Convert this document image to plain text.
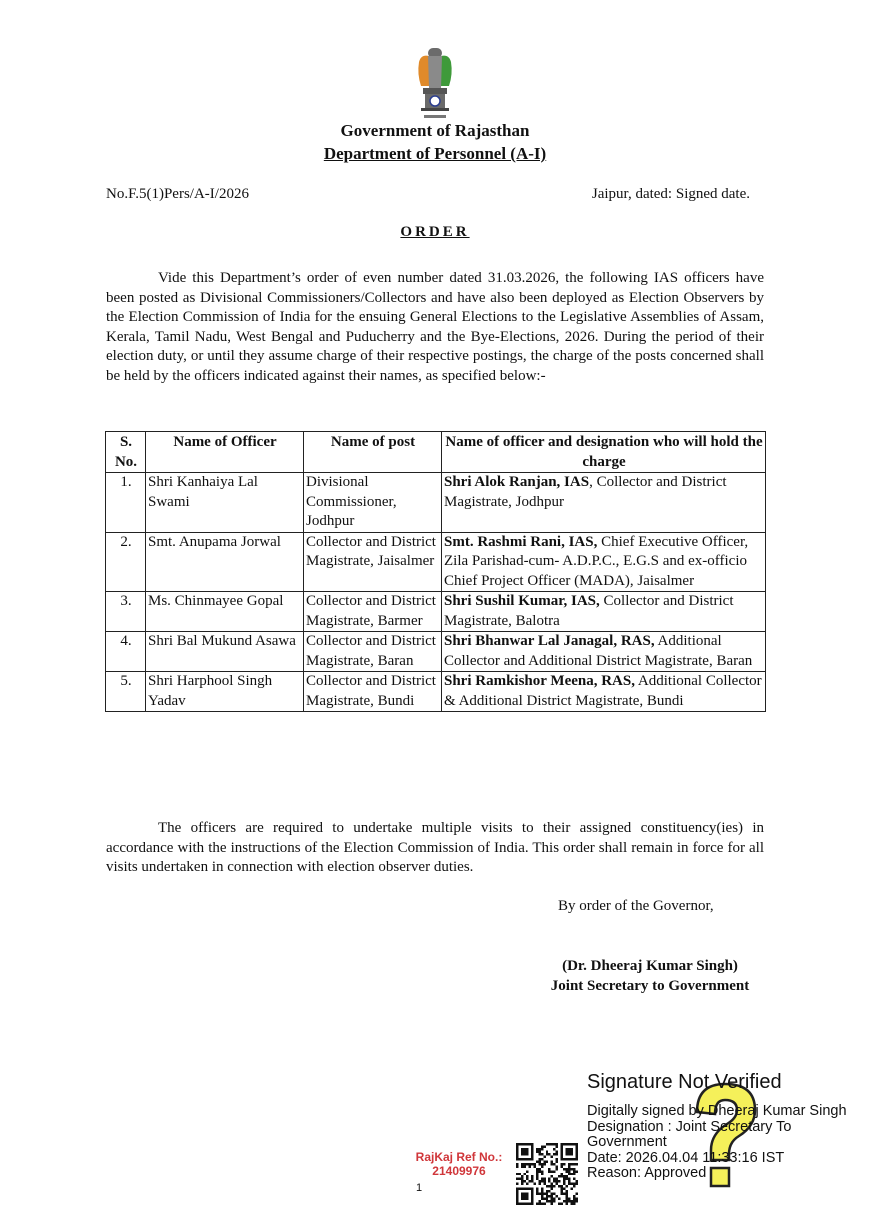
Government of Rajasthan
Department of Personnel (A-I)
No.F.5(1)Pers/A-I/2026	Jaipur, dated: Signed date.
ORDER

Vide this Department’s order of even number dated 31.03.2026, the following IAS officers have been posted as Divisional Commissioners/Collectors and have also been deployed as Election Observers by the Election Commission of India for the ensuing General Elections to the Legislative Assemblies of Assam, Kerala, Tamil Nadu, West Bengal and Puducherry and the Bye-Elections, 2026. During the period of their election duty, or until they assume charge of their respective postings, the charge of the posts concerned shall be held by the officers indicated against their names, as specified below:-

S. No.	Name of Officer	Name of post	Name of officer and designation who will hold the charge
1.	Shri Kanhaiya Lal Swami	Divisional Commissioner, Jodhpur	Shri Alok Ranjan, IAS, Collector and District Magistrate, Jodhpur
2.	Smt. Anupama Jorwal	Collector and District Magistrate, Jaisalmer	Smt. Rashmi Rani, IAS, Chief Executive Officer, Zila Parishad-cum- A.D.P.C., E.G.S and ex-officio Chief Project Officer (MADA), Jaisalmer
3.	Ms. Chinmayee Gopal	Collector and District Magistrate, Barmer	Shri Sushil Kumar, IAS, Collector and District Magistrate, Balotra
4.	Shri Bal Mukund Asawa	Collector and District Magistrate, Baran	Shri Bhanwar Lal Janagal, RAS, Additional Collector and Additional District Magistrate, Baran
5.	Shri Harphool Singh Yadav	Collector and District Magistrate, Bundi	Shri Ramkishor Meena, RAS, Additional Collector & Additional District Magistrate, Bundi

The officers are required to undertake multiple visits to their assigned constituency(ies) in accordance with the instructions of the Election Commission of India. This order shall remain in force for all visits undertaken in connection with election observer duties.

By order of the Governor,
(Dr. Dheeraj Kumar Singh)
Joint Secretary to Government
Signature Not Verified
Digitally signed by Dheeraj Kumar Singh
Designation : Joint Secretary To
Government
Date: 2026.04.04 11:33:16 IST
Reason: Approved
RajKaj Ref No.:
21409976
1
